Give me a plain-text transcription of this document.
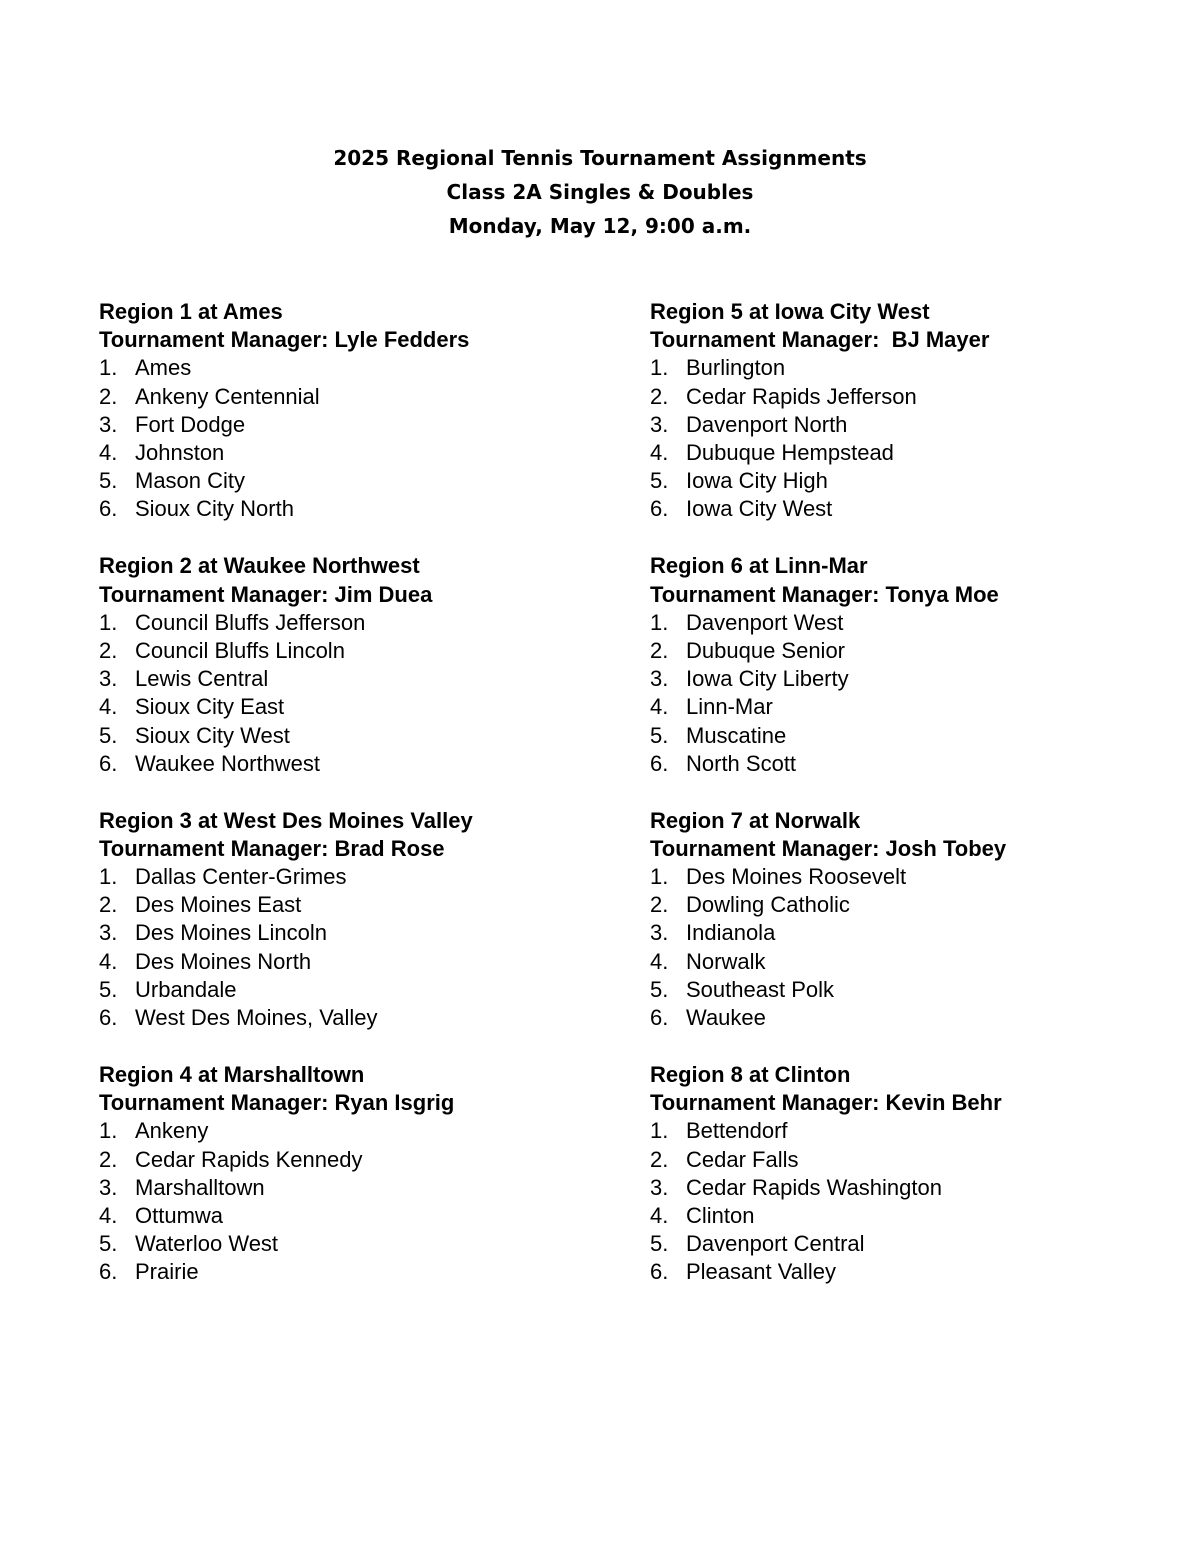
2025 Regional Tennis Tournament Assignments
Class 2A Singles & Doubles
Monday, May 12, 9:00 a.m.
Region 1 at Ames
Tournament Manager: Lyle Fedders
1. Ames
2. Ankeny Centennial
3. Fort Dodge
4. Johnston
5. Mason City
6. Sioux City North
Region 2 at Waukee Northwest
Tournament Manager: Jim Duea
1. Council Bluffs Jefferson
2. Council Bluffs Lincoln
3. Lewis Central
4. Sioux City East
5. Sioux City West
6. Waukee Northwest
Region 3 at West Des Moines Valley
Tournament Manager: Brad Rose
1. Dallas Center-Grimes
2. Des Moines East
3. Des Moines Lincoln
4. Des Moines North
5. Urbandale
6. West Des Moines, Valley
Region 4 at Marshalltown
Tournament Manager: Ryan Isgrig
1. Ankeny
2. Cedar Rapids Kennedy
3. Marshalltown
4. Ottumwa
5. Waterloo West
6. Prairie
Region 5 at Iowa City West
Tournament Manager:  BJ Mayer
1. Burlington
2. Cedar Rapids Jefferson
3. Davenport North
4. Dubuque Hempstead
5. Iowa City High
6. Iowa City West
Region 6 at Linn-Mar
Tournament Manager: Tonya Moe
1. Davenport West
2. Dubuque Senior
3. Iowa City Liberty
4. Linn-Mar
5. Muscatine
6. North Scott
Region 7 at Norwalk
Tournament Manager: Josh Tobey
1. Des Moines Roosevelt
2. Dowling Catholic
3. Indianola
4. Norwalk
5. Southeast Polk
6. Waukee
Region 8 at Clinton
Tournament Manager: Kevin Behr
1. Bettendorf
2. Cedar Falls
3. Cedar Rapids Washington
4. Clinton
5. Davenport Central
6. Pleasant Valley
